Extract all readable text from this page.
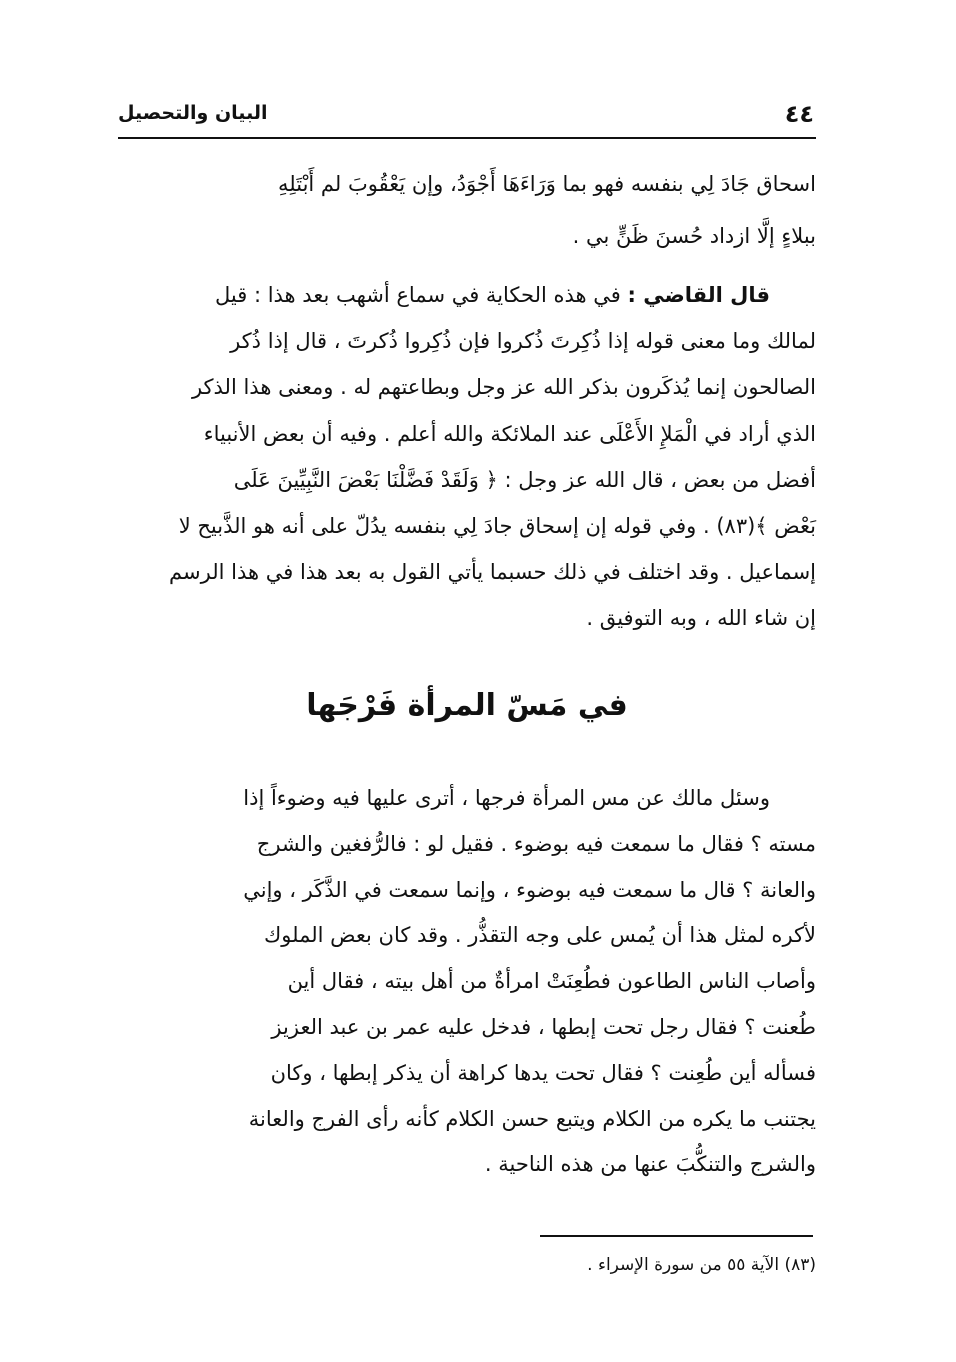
٤٤
البيان والتحصيل
اسحاق جَادَ لِي بنفسه فهو بما وَرَاءَهَا أَجْوَدُ، وإن يَعْقُوبَ لم أَبْتَلِهِ
ببلاءٍ إلَّا ازداد حُسنَ ظَنٍّ بي .
قال القاضي : في هذه الحكاية في سماع أشهب بعد هذا : قيل
لمالك وما معنى قوله إذا ذُكِرتَ ذُكروا فإن ذُكِروا ذُكرتَ ، قال إذا ذُكر
الصالحون إنما يُذكَرون بذكر الله عز وجل وبطاعتهم له . ومعنى هذا الذكر
الذي أراد في الْمَلإِ الأَعْلَى عند الملائكة والله أعلم . وفيه أن بعض الأنبياء
أفضل من بعض ، قال الله عز وجل : ﴿ وَلَقَدْ فَضَّلْنَا بَعْضَ النَّبِيِّينَ عَلَى
بَعْض ﴾(٨٣) . وفي قوله إن إسحاق جادَ لِي بنفسه يدُلّ على أنه هو الذَّبيح لا
إسماعيل . وقد اختلف في ذلك حسبما يأتي القول به بعد هذا في هذا الرسم
إن شاء الله ، وبه التوفيق .
في مَسّ المرأة فَرْجَها
وسئل مالك عن مس المرأة فرجها ، أترى عليها فيه وضوءاً إذا
مسته ؟ فقال ما سمعت فيه بوضوء . فقيل لو : فالرُّفغين والشرج
والعانة ؟ قال ما سمعت فيه بوضوء ، وإنما سمعت في الذَّكَر ، وإني
لأكره لمثل هذا أن يُمس على وجه التقذُّر . وقد كان بعض الملوك
وأصاب الناس الطاعون فطُعِنَتْ امرأةٌ من أهل بيته ، فقال أين
طُعنت ؟ فقال رجل تحت إبطها ، فدخل عليه عمر بن عبد العزيز
فسأله أين طُعِنت ؟ فقال تحت يدها كراهة أن يذكر إبطها ، وكان
يجتنب ما يكره من الكلام ويتبع حسن الكلام كأنه رأى الفرج والعانة
والشرج والتنكُّبَ عنها من هذه الناحية .
(٨٣) الآية ٥٥ من سورة الإسراء .
